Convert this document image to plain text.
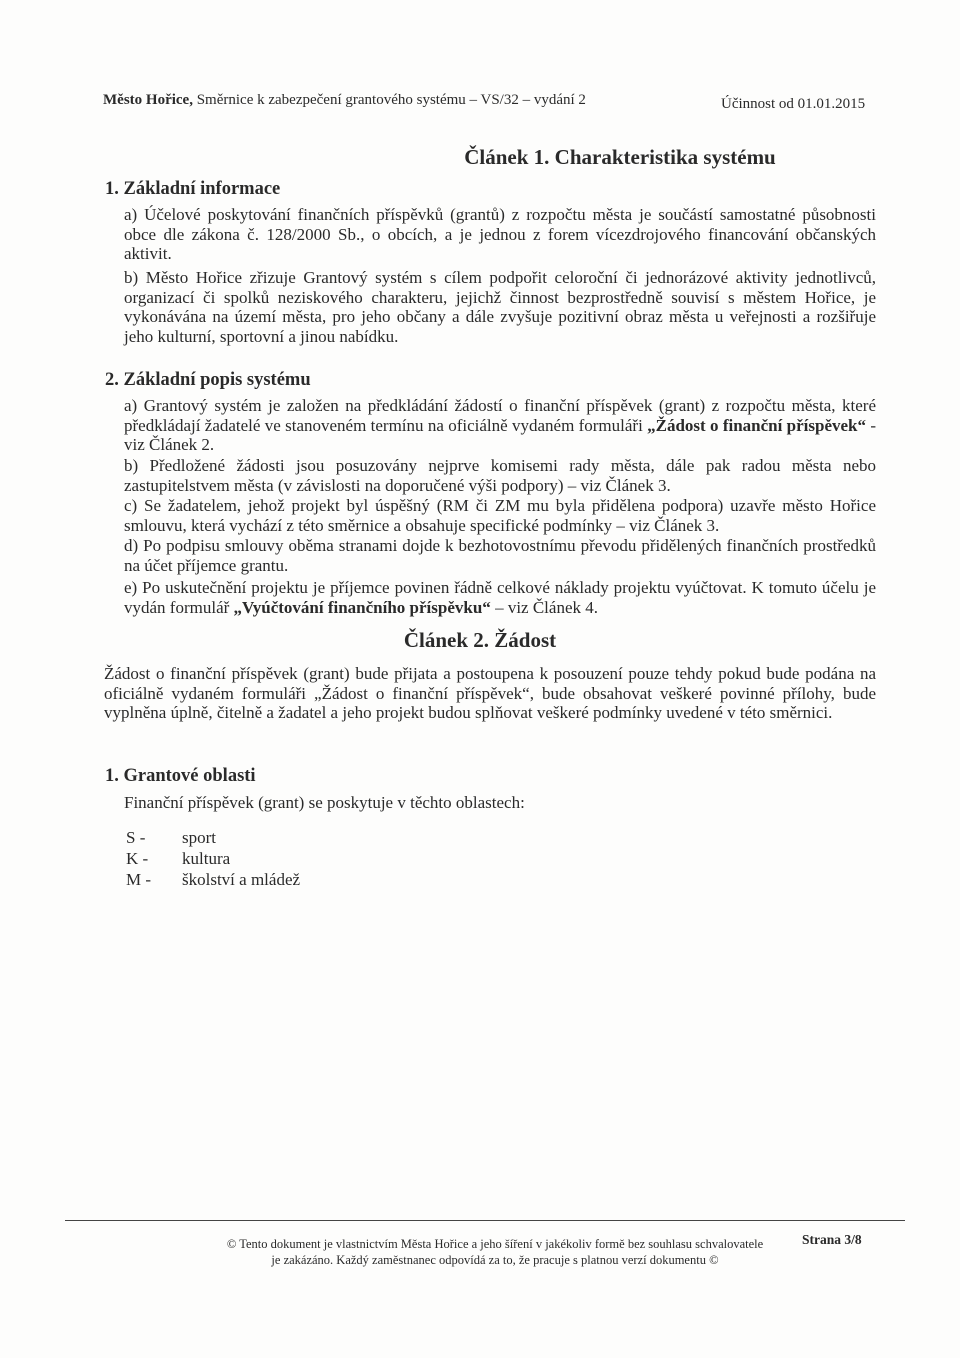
Město Hořice, Směrnice k zabezpečení grantového systému – VS/32 – vydání 2	Účinnost od 01.01.2015
Článek 1. Charakteristika systému
1. Základní informace
a) Účelové poskytování finančních příspěvků (grantů) z rozpočtu města je součástí samostatné působnosti obce dle zákona č. 128/2000 Sb., o obcích, a je jednou z forem vícezdrojového financování občanských aktivit.
b) Město Hořice zřizuje Grantový systém s cílem podpořit celoroční či jednorázové aktivity jednotlivců, organizací či spolků neziskového charakteru, jejichž činnost bezprostředně souvisí s městem Hořice, je vykonávána na území města, pro jeho občany a dále zvyšuje pozitivní obraz města u veřejnosti a rozšiřuje jeho kulturní, sportovní a jinou nabídku.
2. Základní popis systému
a) Grantový systém je založen na předkládání žádostí o finanční příspěvek (grant) z rozpočtu města, které předkládají žadatelé ve stanoveném termínu na oficiálně vydaném formuláři „Žádost o finanční příspěvek“ - viz Článek 2.
b) Předložené žádosti jsou posuzovány nejprve komisemi rady města, dále pak radou města nebo zastupitelstvem města (v závislosti na doporučené výši podpory) – viz Článek 3.
c) Se žadatelem, jehož projekt byl úspěšný (RM či ZM mu byla přidělena podpora) uzavře město Hořice smlouvu, která vychází z této směrnice a obsahuje specifické podmínky – viz Článek 3.
d) Po podpisu smlouvy oběma stranami dojde k bezhotovostnímu převodu přidělených finančních prostředků na účet příjemce grantu.
e) Po uskutečnění projektu je příjemce povinen řádně celkové náklady projektu vyúčtovat. K tomuto účelu je vydán formulář „Vyúčtování finančního příspěvku“ – viz Článek 4.
Článek 2. Žádost
Žádost o finanční příspěvek (grant) bude přijata a postoupena k posouzení pouze tehdy pokud bude podána na oficiálně vydaném formuláři „Žádost o finanční příspěvek“, bude obsahovat veškeré povinné přílohy, bude vyplněna úplně, čitelně a žadatel a jeho projekt budou splňovat veškeré podmínky uvedené v této směrnici.
1. Grantové oblasti
Finanční příspěvek (grant) se poskytuje v těchto oblastech:
S - sport
K - kultura
M - školství a mládež
© Tento dokument je vlastnictvím Města Hořice a jeho šíření v jakékoliv formě bez souhlasu schvalovatele je zakázáno. Každý zaměstnanec odpovídá za to, že pracuje s platnou verzí dokumentu ©
Strana 3/8
